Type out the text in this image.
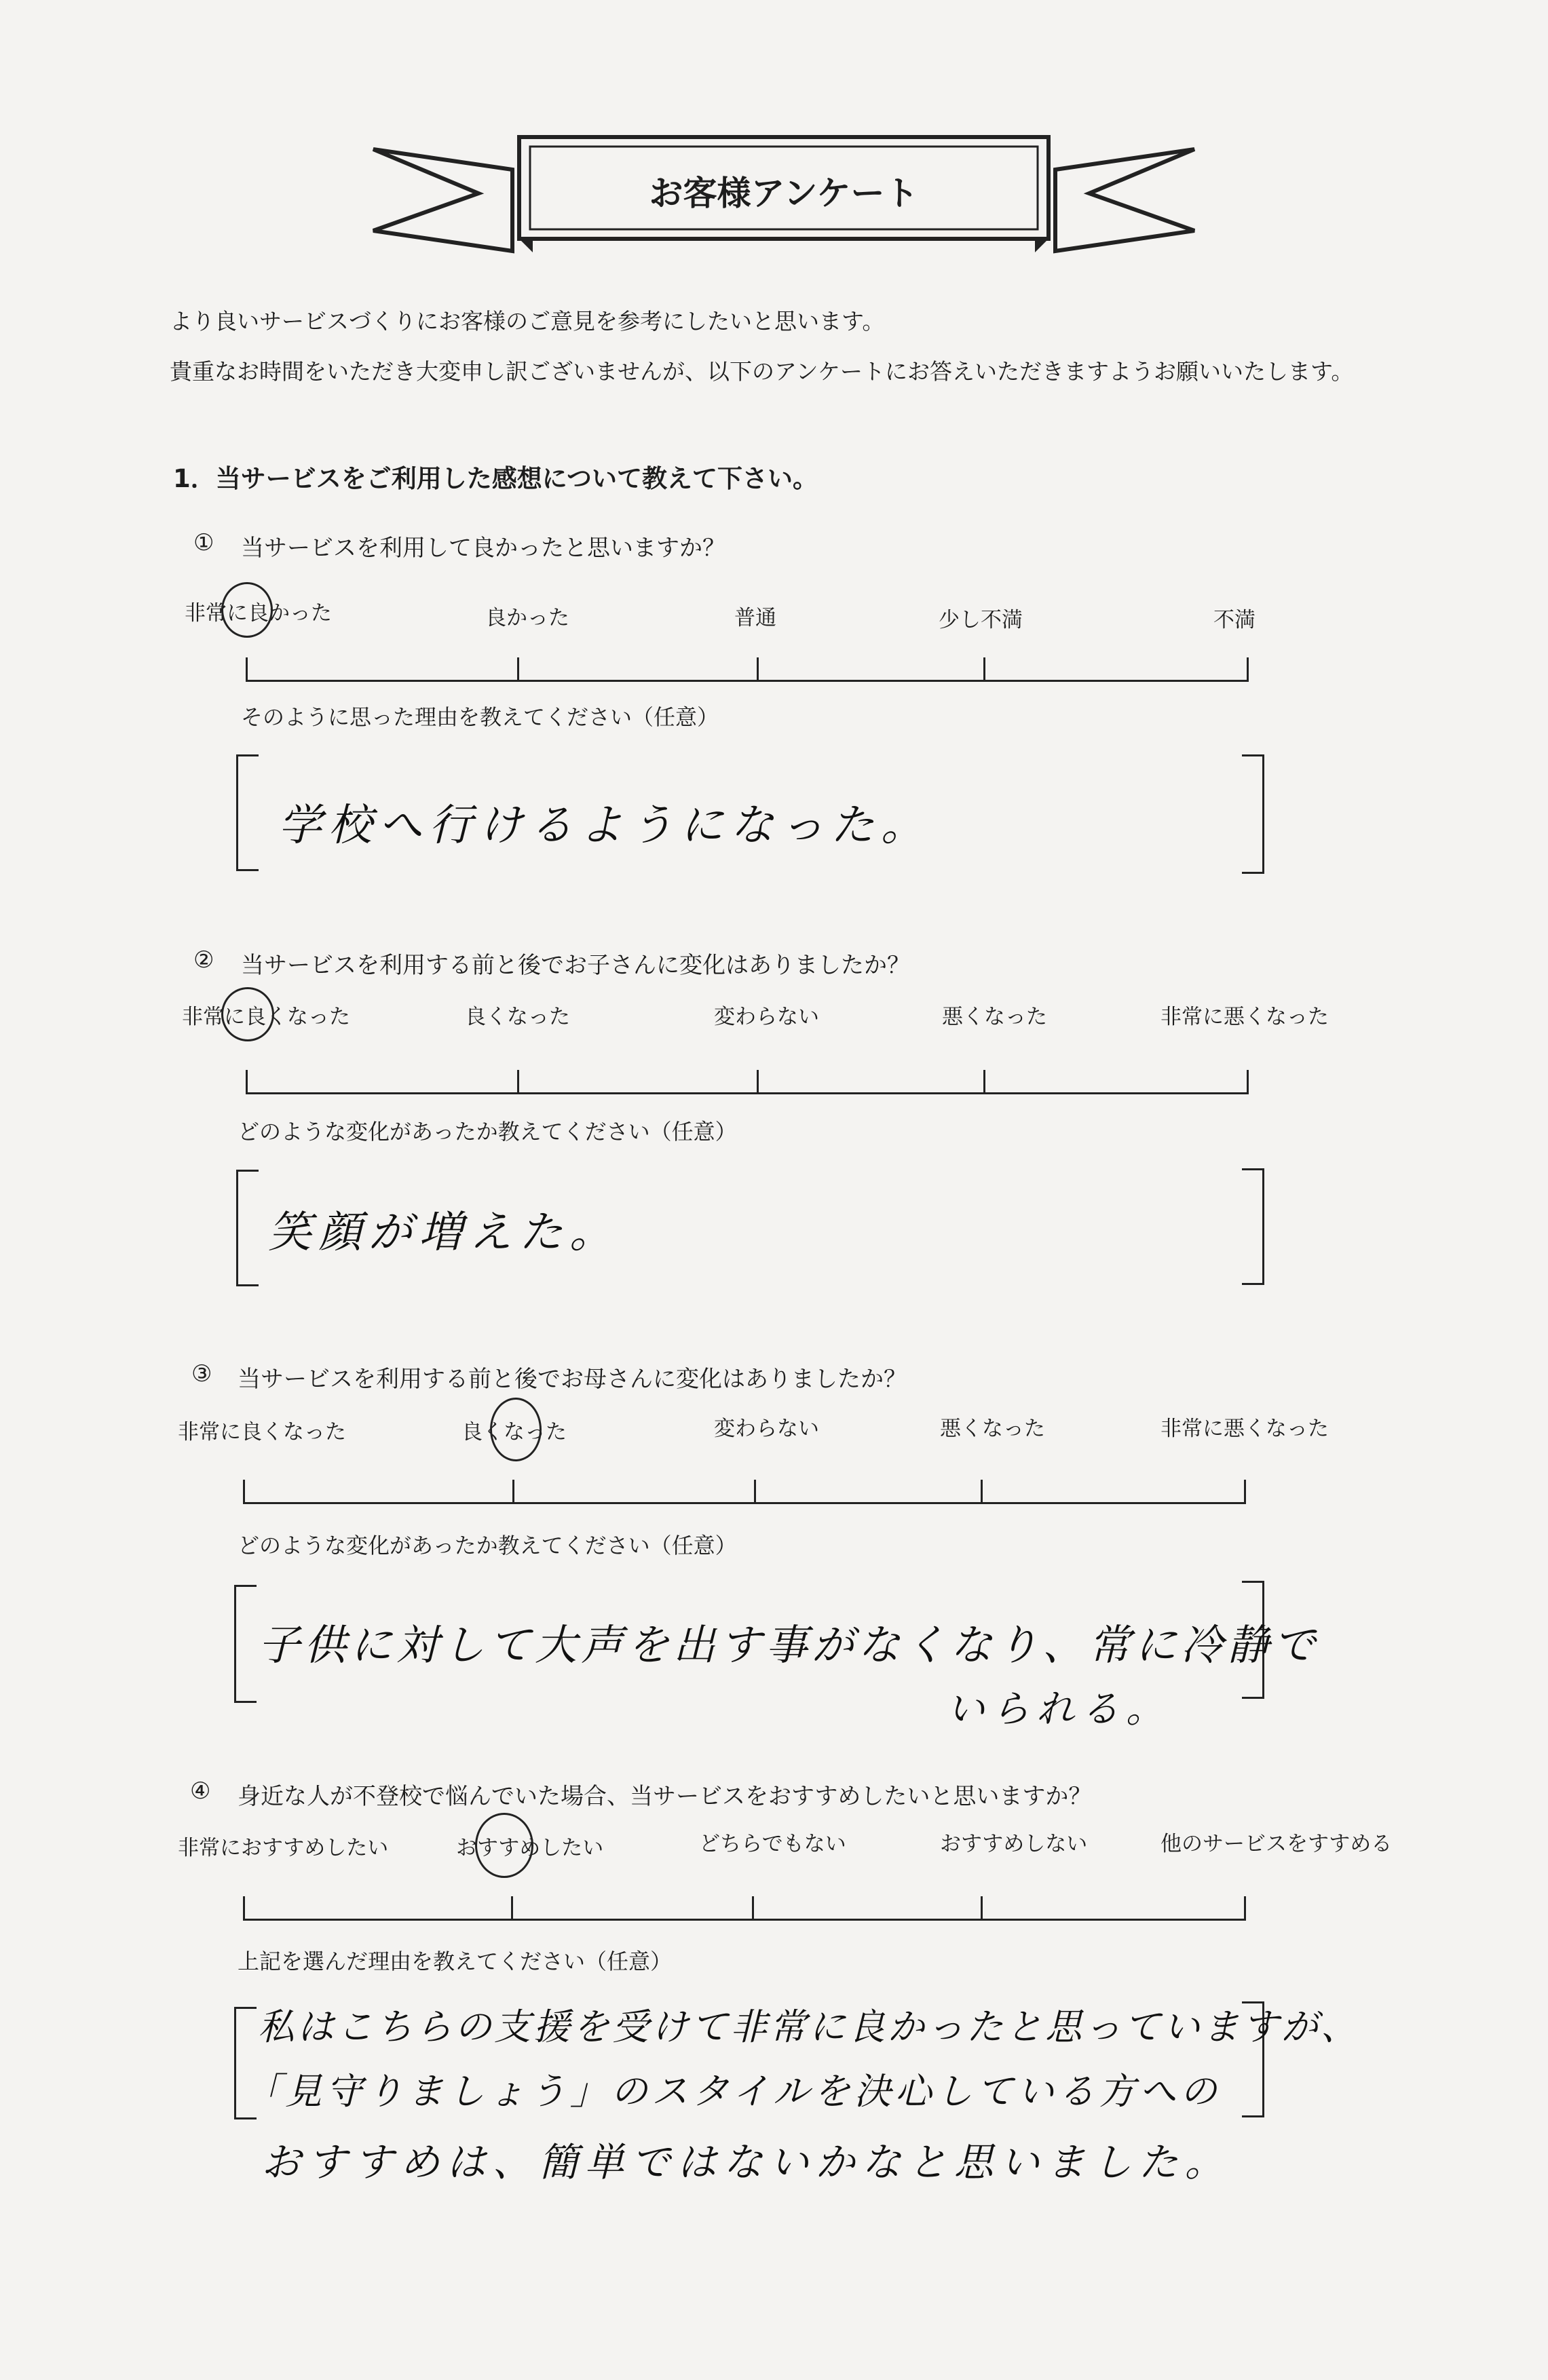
お客様アンケート
より良いサービスづくりにお客様のご意見を参考にしたいと思います。
貴重なお時間をいただき大変申し訳ございませんが、以下のアンケートにお答えいただきますようお願いいたします。
1．当サービスをご利用した感想について教えて下さい。
① 当サービスを利用して良かったと思いますか？
非常に良かった	良かった	普通	少し不満	不満
そのように思った理由を教えてください（任意）
学校へ行けるようになった。
② 当サービスを利用する前と後でお子さんに変化はありましたか？
非常に良くなった	良くなった	変わらない	悪くなった	非常に悪くなった
どのような変化があったか教えてください（任意）
笑顔が増えた。
③ 当サービスを利用する前と後でお母さんに変化はありましたか？
非常に良くなった	良くなった	変わらない	悪くなった	非常に悪くなった
どのような変化があったか教えてください（任意）
子供に対して大声を出す事がなくなり、常に冷静で
いられる。
④ 身近な人が不登校で悩んでいた場合、当サービスをおすすめしたいと思いますか？
非常におすすめしたい	おすすめしたい	どちらでもない	おすすめしない	他のサービスをすすめる
上記を選んだ理由を教えてください（任意）
私はこちらの支援を受けて非常に良かったと思っていますが、
「見守りましょう」のスタイルを決心している方への
おすすめは、簡単ではないかなと思いました。
